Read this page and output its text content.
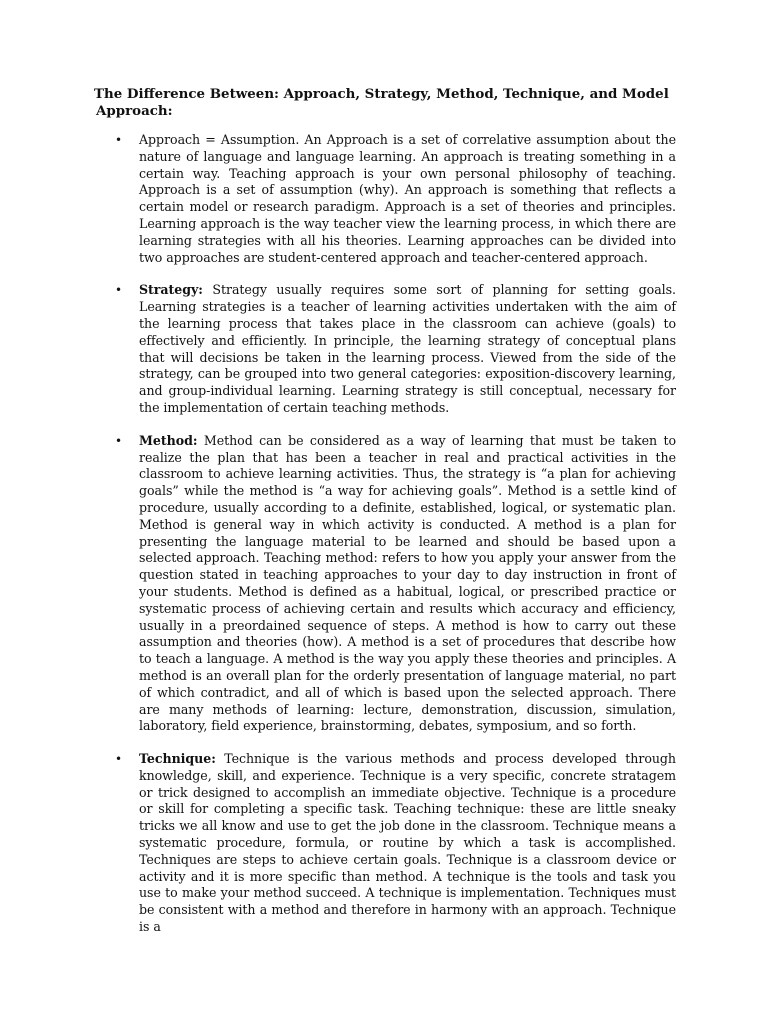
The Difference Between: Approach, Strategy, Method, Technique, and Model

Approach:

• Approach = Assumption. An Approach is a set of correlative assumption about the nature of language and language learning. An approach is treating something in a certain way. Teaching approach is your own personal philosophy of teaching. Approach is a set of assumption (why). An approach is something that reflects a certain model or research paradigm. Approach is a set of theories and principles. Learning approach is the way teacher view the learning process, in which there are learning strategies with all his theories. Learning approaches can be divided into two approaches are student-centered approach and teacher-centered approach.
• Strategy: Strategy usually requires some sort of planning for setting goals. Learning strategies is a teacher of learning activities undertaken with the aim of the learning process that takes place in the classroom can achieve (goals) to effectively and efficiently. In principle, the learning strategy of conceptual plans that will decisions be taken in the learning process. Viewed from the side of the strategy, can be grouped into two general categories: exposition-discovery learning, and group-individual learning. Learning strategy is still conceptual, necessary for the implementation of certain teaching methods.
• Method: Method can be considered as a way of learning that must be taken to realize the plan that has been a teacher in real and practical activities in the classroom to achieve learning activities. Thus, the strategy is “a plan for achieving goals” while the method is “a way for achieving goals”. Method is a settle kind of procedure, usually according to a definite, established, logical, or systematic plan. Method is general way in which activity is conducted. A method is a plan for presenting the language material to be learned and should be based upon a selected approach. Teaching method: refers to how you apply your answer from the question stated in teaching approaches to your day to day instruction in front of your students. Method is defined as a habitual, logical, or prescribed practice or systematic process of achieving certain and results which accuracy and efficiency, usually in a preordained sequence of steps. A method is how to carry out these assumption and theories (how). A method is a set of procedures that describe how to teach a language. A method is the way you apply these theories and principles. A method is an overall plan for the orderly presentation of language material, no part of which contradict, and all of which is based upon the selected approach. There are many methods of learning: lecture, demonstration, discussion, simulation, laboratory, field experience, brainstorming, debates, symposium, and so forth.
• Technique: Technique is the various methods and process developed through knowledge, skill, and experience. Technique is a very specific, concrete stratagem or trick designed to accomplish an immediate objective. Technique is a procedure or skill for completing a specific task. Teaching technique: these are little sneaky tricks we all know and use to get the job done in the classroom. Technique means a systematic procedure, formula, or routine by which a task is accomplished. Techniques are steps to achieve certain goals. Technique is a classroom device or activity and it is more specific than method. A technique is the tools and task you use to make your method succeed. A technique is implementation. Techniques must be consistent with a method and therefore in harmony with an approach. Technique is a
